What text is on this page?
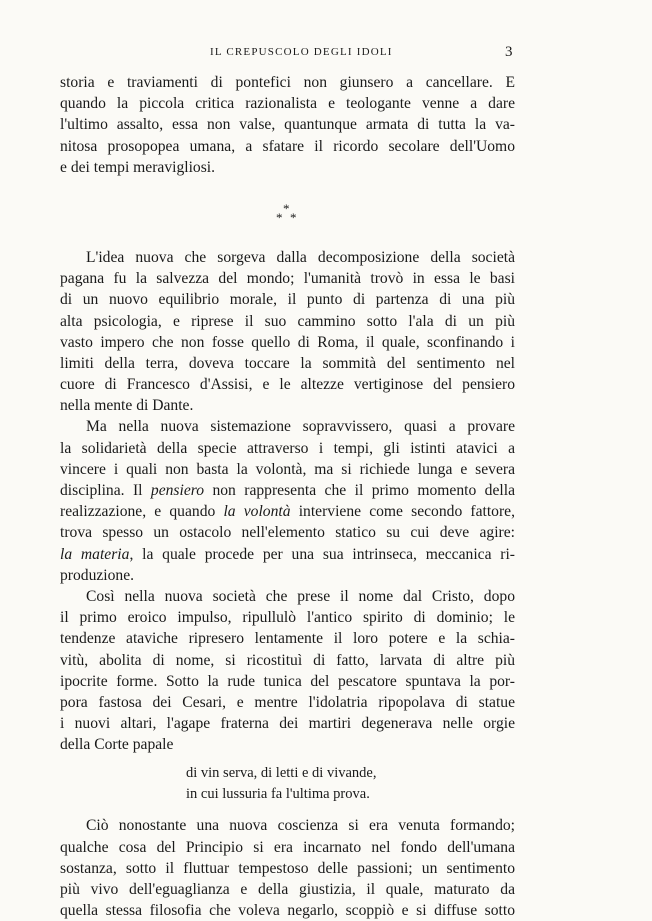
IL CREPUSCOLO DEGLI IDOLI	3
storia e traviamenti di pontefici non giunsero a cancellare. E
quando la piccola critica razionalista e teologante venne a dare
l'ultimo assalto, essa non valse, quantunque armata di tutta la va-
nitosa prosopopea umana, a sfatare il ricordo secolare dell'Uomo
e dei tempi meravigliosi.
*
* *
L'idea nuova che sorgeva dalla decomposizione della società
pagana fu la salvezza del mondo; l'umanità trovò in essa le basi
di un nuovo equilibrio morale, il punto di partenza di una più
alta psicologia, e riprese il suo cammino sotto l'ala di un più
vasto impero che non fosse quello di Roma, il quale, sconfinando i
limiti della terra, doveva toccare la sommità del sentimento nel
cuore di Francesco d'Assisi, e le altezze vertiginose del pensiero
nella mente di Dante.
Ma nella nuova sistemazione sopravvissero, quasi a provare
la solidarietà della specie attraverso i tempi, gli istinti atavici a
vincere i quali non basta la volontà, ma si richiede lunga e severa
disciplina. Il pensiero non rappresenta che il primo momento della
realizzazione, e quando la volontà interviene come secondo fattore,
trova spesso un ostacolo nell'elemento statico su cui deve agire:
la materia, la quale procede per una sua intrinseca, meccanica ri-
produzione.
Così nella nuova società che prese il nome dal Cristo, dopo
il primo eroico impulso, ripullulò l'antico spirito di dominio; le
tendenze ataviche ripresero lentamente il loro potere e la schia-
vitù, abolita di nome, si ricostituì di fatto, larvata di altre più
ipocrite forme. Sotto la rude tunica del pescatore spuntava la por-
pora fastosa dei Cesari, e mentre l'idolatria ripopolava di statue
i nuovi altari, l'agape fraterna dei martiri degenerava nelle orgie
della Corte papale
di vin serva, di letti e di vivande,
in cui lussuria fa l'ultima prova.
Ciò nonostante una nuova coscienza si era venuta formando;
qualche cosa del Principio si era incarnato nel fondo dell'umana
sostanza, sotto il fluttuar tempestoso delle passioni; un sentimento
più vivo dell'eguaglianza e della giustizia, il quale, maturato da
quella stessa filosofia che voleva negarlo, scoppiò e si diffuse sotto
